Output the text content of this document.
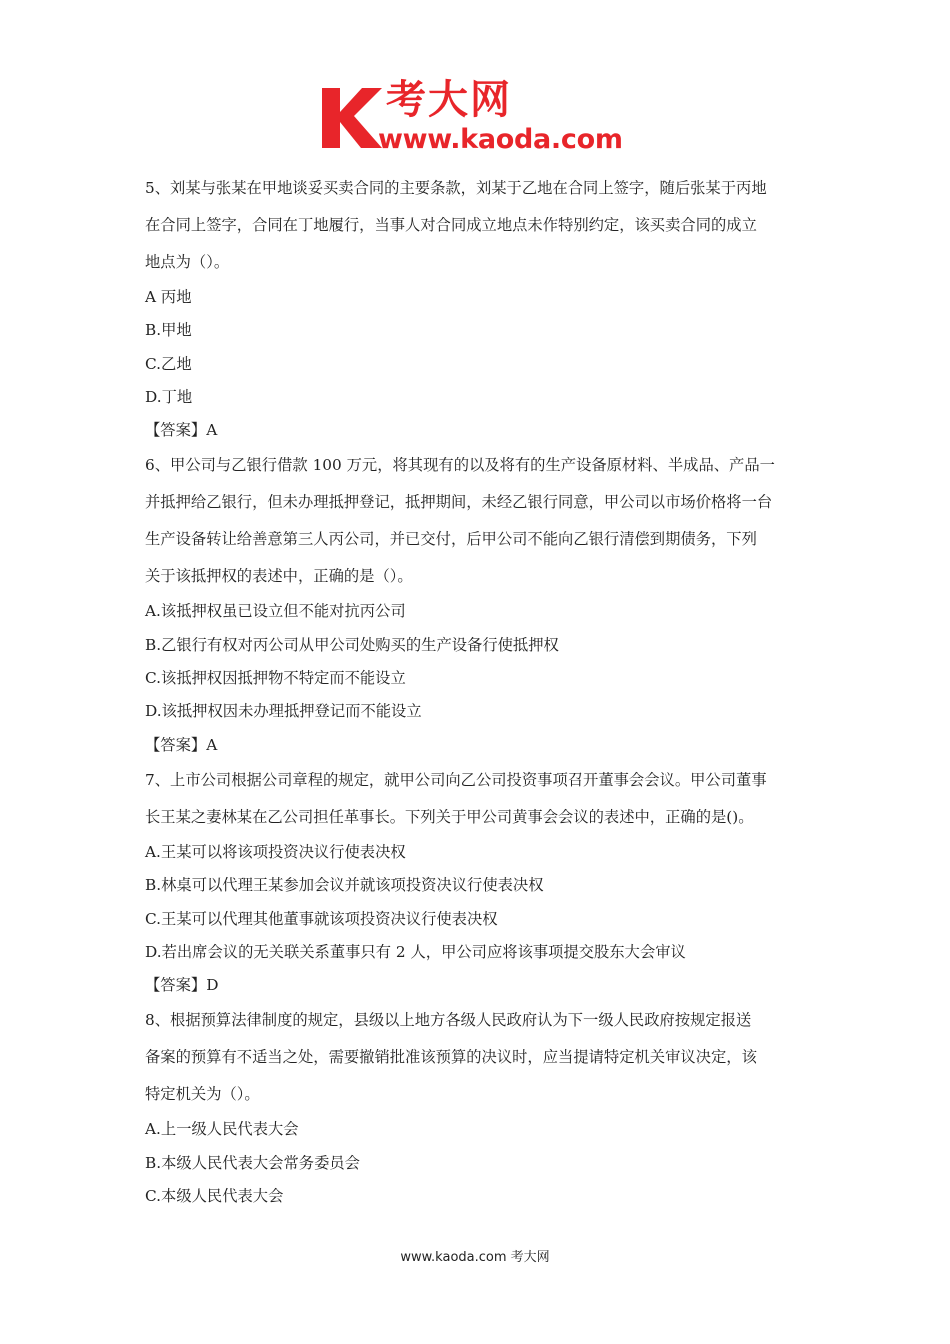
考大网
www.kaoda.com
5、刘某与张某在甲地谈妥买卖合同的主要条款，刘某于乙地在合同上签字，随后张某于丙地
在合同上签字，合同在丁地履行，当事人对合同成立地点未作特别约定，该买卖合同的成立
地点为（）。
A 丙地
B.甲地
C.乙地
D.丁地
【答案】A
6、甲公司与乙银行借款 100 万元，将其现有的以及将有的生产设备原材料、半成品、产品一
并抵押给乙银行，但未办理抵押登记，抵押期间，未经乙银行同意，甲公司以市场价格将一台
生产设备转让给善意第三人丙公司，并已交付，后甲公司不能向乙银行清偿到期债务，下列
关于该抵押权的表述中，正确的是（）。
A.该抵押权虽已设立但不能对抗丙公司
B.乙银行有权对丙公司从甲公司处购买的生产设备行使抵押权
C.该抵押权因抵押物不特定而不能设立
D.该抵押权因未办理抵押登记而不能设立
【答案】A
7、上市公司根据公司章程的规定，就甲公司向乙公司投资事项召开董事会会议。甲公司董事
长王某之妻林某在乙公司担任革事长。下列关于甲公司黄事会会议的表述中，正确的是()。
A.王某可以将该项投资决议行使表决权
B.林桌可以代理王某参加会议并就该项投资决议行使表决权
C.王某可以代理其他董事就该项投资决议行使表决权
D.若出席会议的无关联关系董事只有 2 人，甲公司应将该事项提交股东大会审议
【答案】D
8、根据预算法律制度的规定，县级以上地方各级人民政府认为下一级人民政府按规定报送
备案的预算有不适当之处，需要撤销批准该预算的决议时，应当提请特定机关审议决定，该
特定机关为（）。
A.上一级人民代表大会
B.本级人民代表大会常务委员会
C.本级人民代表大会
www.kaoda.com 考大网
